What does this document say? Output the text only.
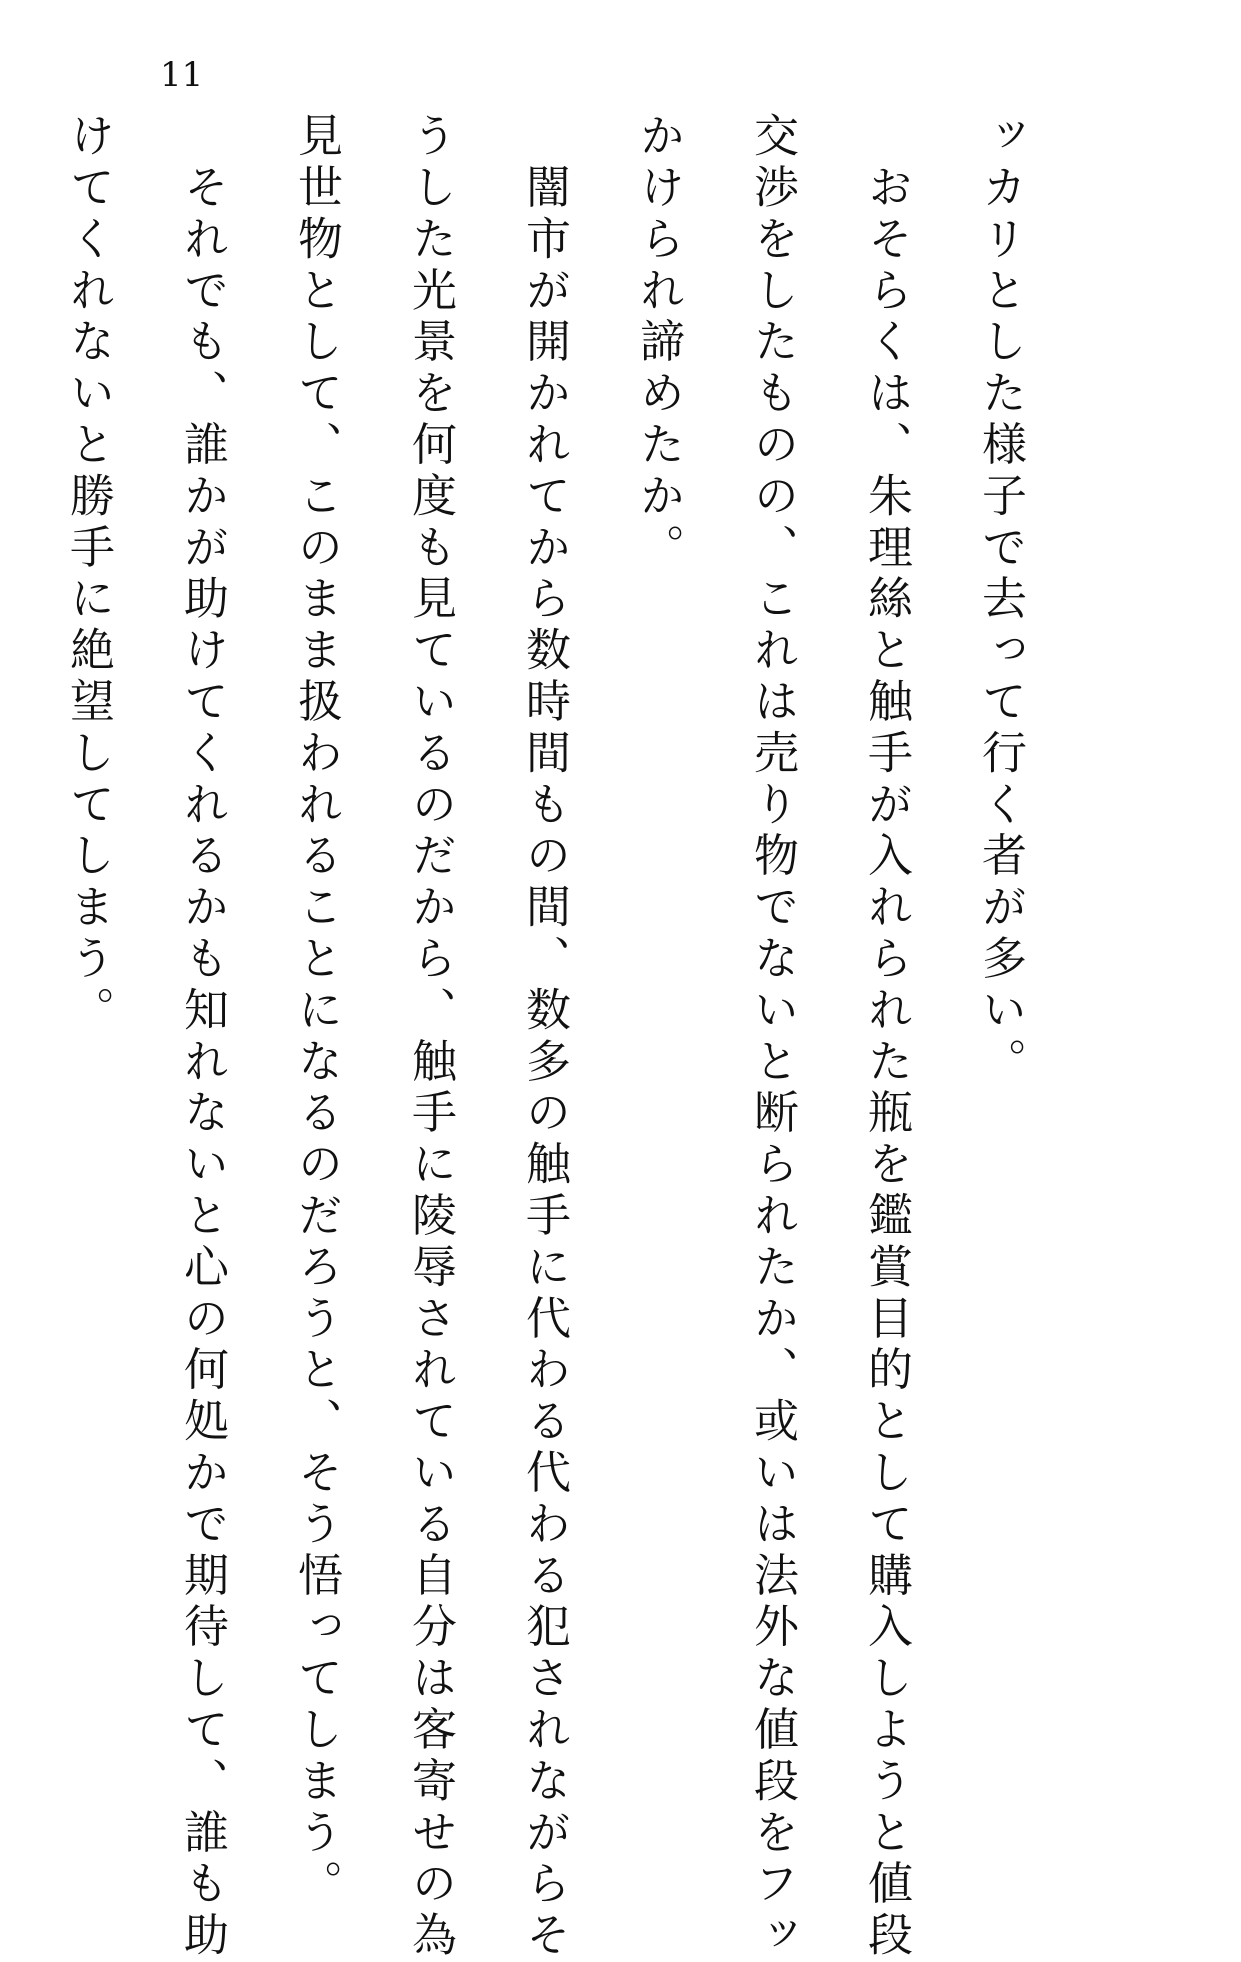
11

ッカリとした様子で去って行く者が多い。

　おそらくは、朱理絲と触手が入れられた瓶を鑑賞目的として購入しようと値段

交渉をしたものの、これは売り物でないと断られたか、或いは法外な値段をフッ

かけられ諦めたか。

　闇市が開かれてから数時間もの間、数多の触手に代わる代わる犯されながらそ

うした光景を何度も見ているのだから、触手に陵辱されている自分は客寄せの為

見世物として、このまま扱われることになるのだろうと、そう悟ってしまう。

　それでも、誰かが助けてくれるかも知れないと心の何処かで期待して、誰も助

けてくれないと勝手に絶望してしまう。
